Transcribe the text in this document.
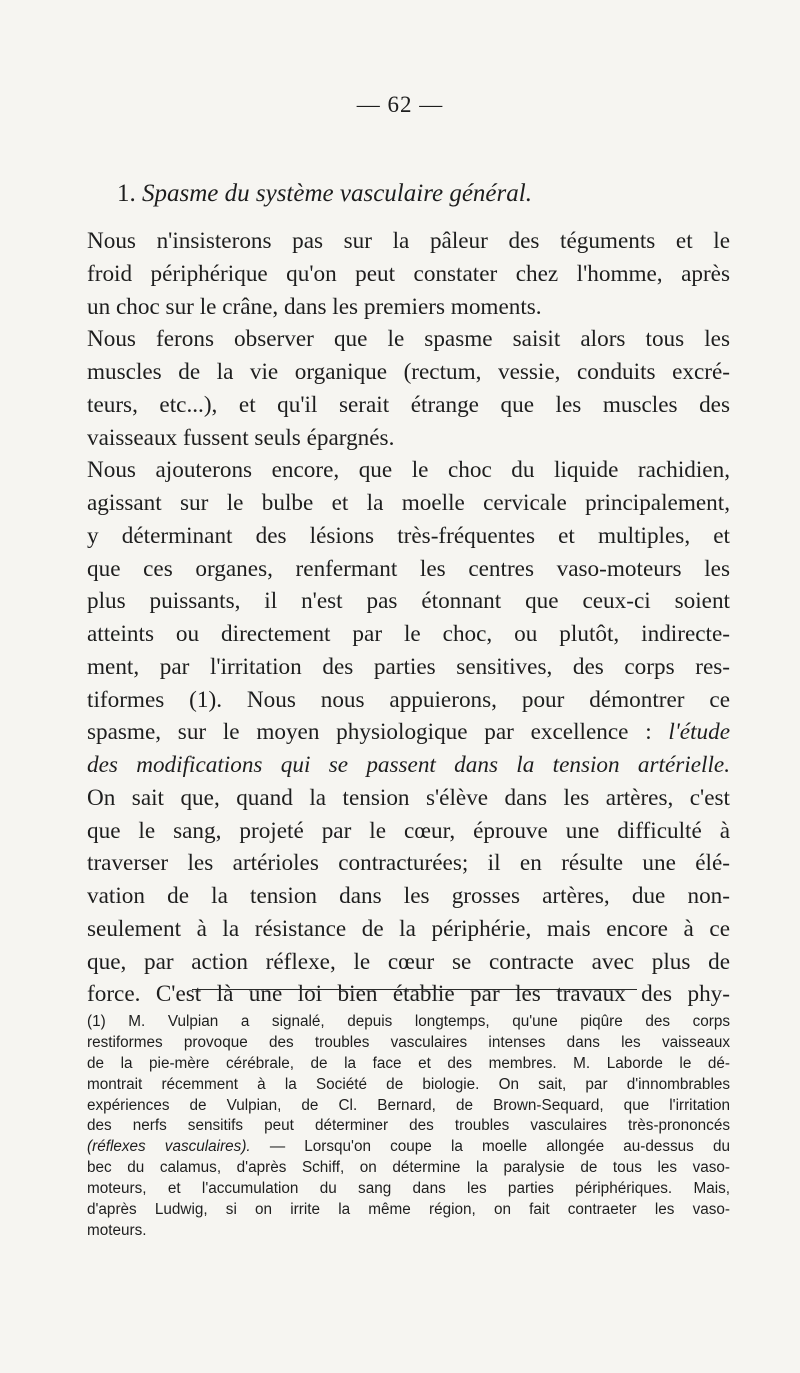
— 62 —
1. Spasme du système vasculaire général.
Nous n'insisterons pas sur la pâleur des téguments et le
froid périphérique qu'on peut constater chez l'homme, après
un choc sur le crâne, dans les premiers moments.
Nous ferons observer que le spasme saisit alors tous les
muscles de la vie organique (rectum, vessie, conduits excré-
teurs, etc...), et qu'il serait étrange que les muscles des
vaisseaux fussent seuls épargnés.
Nous ajouterons encore, que le choc du liquide rachidien,
agissant sur le bulbe et la moelle cervicale principalement,
y déterminant des lésions très-fréquentes et multiples, et
que ces organes, renfermant les centres vaso-moteurs les
plus puissants, il n'est pas étonnant que ceux-ci soient
atteints ou directement par le choc, ou plutôt, indirecte-
ment, par l'irritation des parties sensitives, des corps res-
tiformes (1). Nous nous appuierons, pour démontrer ce
spasme, sur le moyen physiologique par excellence : l'étude
des modifications qui se passent dans la tension artérielle.
On sait que, quand la tension s'élève dans les artères, c'est
que le sang, projeté par le cœur, éprouve une difficulté à
traverser les artérioles contracturées; il en résulte une élé-
vation de la tension dans les grosses artères, due non-
seulement à la résistance de la périphérie, mais encore à ce
que, par action réflexe, le cœur se contracte avec plus de
force. C'est là une loi bien établie par les travaux des phy-
(1) M. Vulpian a signalé, depuis longtemps, qu'une piqûre des corps
restiformes provoque des troubles vasculaires intenses dans les vaisseaux
de la pie-mère cérébrale, de la face et des membres. M. Laborde le dé-
montrait récemment à la Société de biologie. On sait, par d'innombrables
expériences de Vulpian, de Cl. Bernard, de Brown-Sequard, que l'irritation
des nerfs sensitifs peut déterminer des troubles vasculaires très-prononcés
(réflexes vasculaires). — Lorsqu'on coupe la moelle allongée au-dessus du
bec du calamus, d'après Schiff, on détermine la paralysie de tous les vaso-
moteurs, et l'accumulation du sang dans les parties périphériques. Mais,
d'après Ludwig, si on irrite la même région, on fait contraeter les vaso-
moteurs.
